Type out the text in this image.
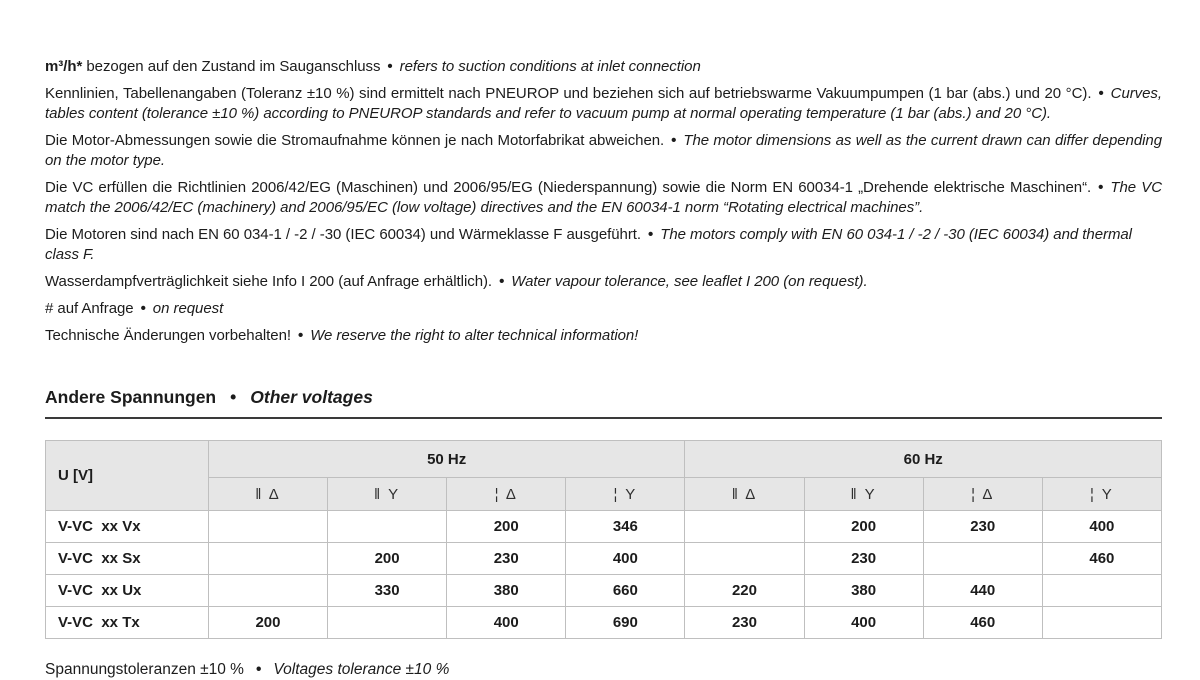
m³/h* bezogen auf den Zustand im Sauganschluss • refers to suction conditions at inlet connection

Kennlinien, Tabellenangaben (Toleranz ±10 %) sind ermittelt nach PNEUROP und beziehen sich auf betriebswarme Vakuumpumpen (1 bar (abs.) und 20 °C). • Curves, tables content (tolerance ±10 %) according to PNEUROP standards and refer to vacuum pump at normal operating temperature (1 bar (abs.) and 20 °C).

Die Motor-Abmessungen sowie die Stromaufnahme können je nach Motorfabrikat abweichen. • The motor dimensions as well as the current drawn can differ depending on the motor type.

Die VC erfüllen die Richtlinien 2006/42/EG (Maschinen) und 2006/95/EG (Niederspannung) sowie die Norm EN 60034-1 „Drehende elektrische Maschinen“. • The VC match the 2006/42/EC (machinery) and 2006/95/EC (low voltage) directives and the EN 60034-1 norm “Rotating electrical machines”.

Die Motoren sind nach EN 60 034-1 / -2 / -30 (IEC 60034) und Wärmeklasse F ausgeführt. • The motors comply with EN 60 034-1 / -2 / -30 (IEC 60034) and thermal class F.

Wasserdampfverträglichkeit siehe Info I 200 (auf Anfrage erhältlich). • Water vapour tolerance, see leaflet I 200 (on request).

# auf Anfrage • on request

Technische Änderungen vorbehalten! • We reserve the right to alter technical information!

Andere Spannungen • Other voltages
U [V]	50 Hz				60 Hz			
	‖ Δ	‖ Y	¦ Δ	¦ Y	‖ Δ	‖ Y	¦ Δ	¦ Y
V-VC  xx Vx			200	346		200	230	400
V-VC  xx Sx		200	230	400		230		460
V-VC  xx Ux		330	380	660	220	380	440	
V-VC  xx Tx	200		400	690	230	400	460	

Spannungstoleranzen ±10 % • Voltages tolerance ±10 %
